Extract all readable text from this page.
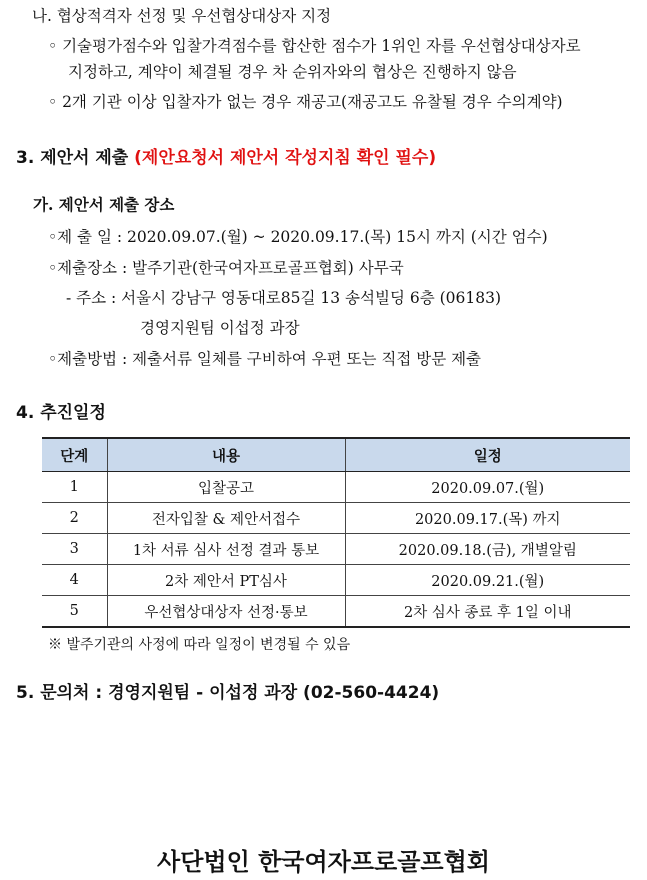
나. 협상적격자 선정 및 우선협상대상자 지정
◦ 기술평가점수와 입찰가격점수를 합산한 점수가 1위인 자를 우선협상대상자로
지정하고, 계약이 체결될 경우 차 순위자와의 협상은 진행하지 않음
◦ 2개 기관 이상 입찰자가 없는 경우 재공고(재공고도 유찰될 경우 수의계약)
3. 제안서 제출 (제안요청서 제안서 작성지침 확인 필수)
가. 제안서 제출 장소
◦제 출 일 : 2020.09.07.(월) ~ 2020.09.17.(목) 15시 까지 (시간 엄수)
◦제출장소 : 발주기관(한국여자프로골프협회) 사무국
- 주소 : 서울시 강남구 영동대로85길 13 송석빌딩 6층 (06183)
경영지원팀 이섭정 과장
◦제출방법 : 제출서류 일체를 구비하여 우편 또는 직접 방문 제출
4. 추진일정
단계	내용	일정
1	입찰공고	2020.09.07.(월)
2	전자입찰 & 제안서접수	2020.09.17.(목) 까지
3	1차 서류 심사 선정 결과 통보	2020.09.18.(금), 개별알림
4	2차 제안서 PT심사	2020.09.21.(월)
5	우선협상대상자 선정·통보	2차 심사 종료 후 1일 이내
※ 발주기관의 사정에 따라 일정이 변경될 수 있음
5. 문의처 : 경영지원팀 - 이섭정 과장 (02-560-4424)
사단법인 한국여자프로골프협회
